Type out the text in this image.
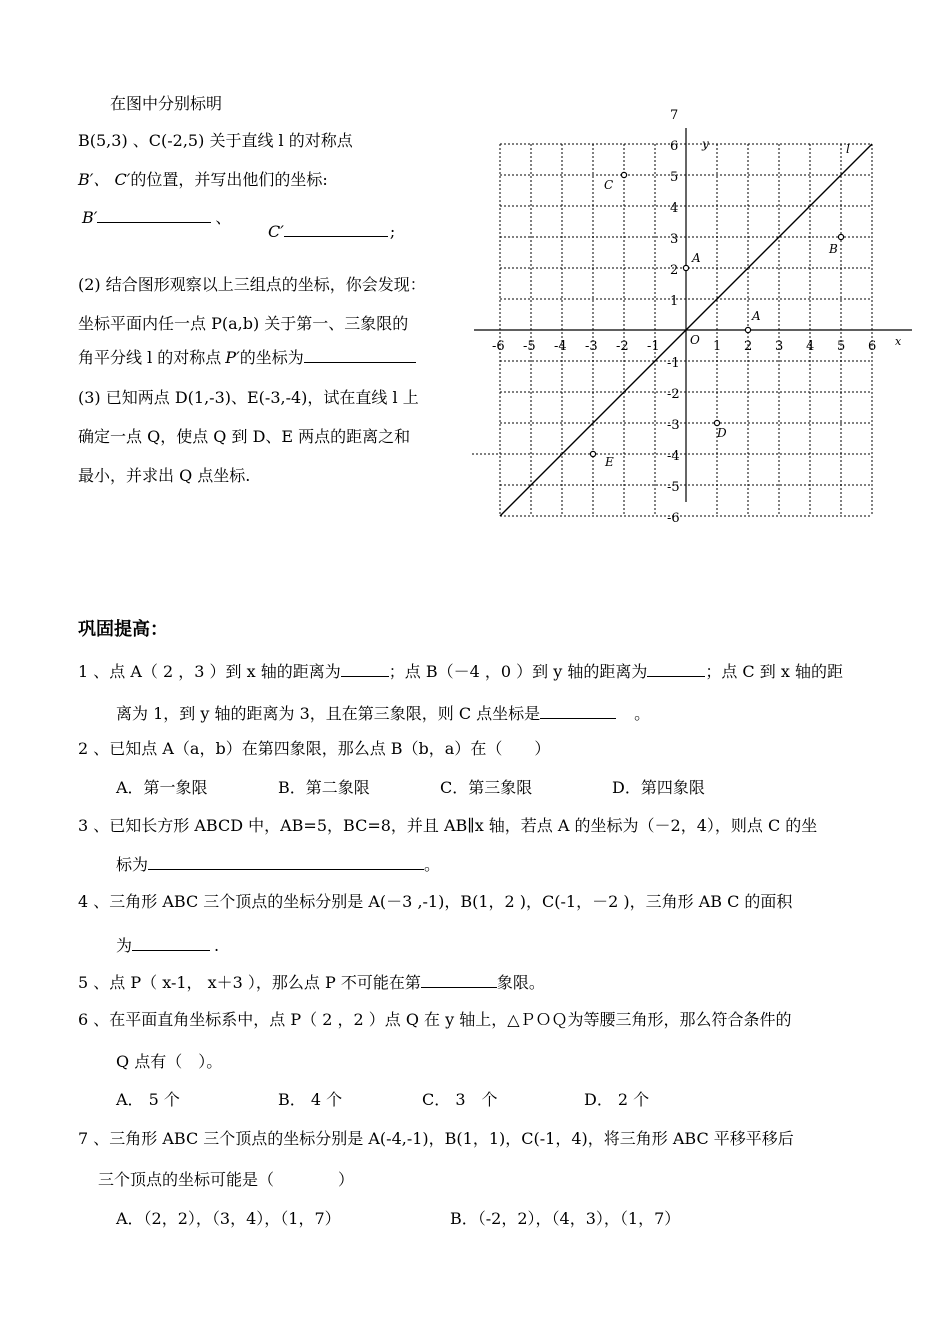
在图中分别标明
B(5,3) 、C(-2,5) 关于直线 l 的对称点
B′、 C′的位置，并写出他们的坐标:
B′	、
C′	;
(2) 结合图形观察以上三组点的坐标，你会发现：
坐标平面内任一点 P(a,b) 关于第一、三象限的
角平分线 l 的对称点 P′的坐标为
(3) 已知两点 D(1,-3)、E(-3,-4)，试在直线 l 上
确定一点 Q，使点 Q 到 D、E 两点的距离之和
最小，并求出 Q 点坐标.
x
y
O
-6 -5 -4 -3 -2 -1	1 2 3 4 5 6
7
6
5
4
3
2
1
-1
-2
-3
-4
-5
-6
l
C
B
A
A
D
E
巩固提高：
1 、点 A（ 2 ，3 ）到 x 轴的距离为	；点 B（－4 ，0 ）到 y 轴的距离为	；点 C 到 x 轴的距
离为 1，到 y 轴的距离为 3，且在第三象限，则 C 点坐标是	。
2 、已知点 A（a，b）在第四象限，那么点 B（b，a）在（　　）
A．第一象限	B．第二象限	C．第三象限	D．第四象限
3 、已知长方形 ABCD 中，AB=5，BC=8，并且 AB∥x 轴，若点 A 的坐标为（－2，4），则点 C 的坐
标为	。
4 、三角形 ABC 三个顶点的坐标分别是 A(－3 ,-1)，B(1，2 )，C(-1，－2 )，三角形 AB C 的面积
为	.
5 、点 P（ x-1， x＋3 ），那么点 P 不可能在第	象限。
6 、在平面直角坐标系中，点 P（ 2 ，2 ）点 Q 在 y 轴上，△ＰＯＱ为等腰三角形，那么符合条件的
Q 点有（　）。
A． 5 个	B． 4 个	C． 3　个	D． 2 个
7 、三角形 ABC 三个顶点的坐标分别是 A(-4,-1)，B(1，1)，C(-1，4)，将三角形 ABC 平移平移后
三个顶点的坐标可能是（　　　　）
A．（2，2），（3，4），（1，7）	B．（-2，2），（4，3），（1，7）
